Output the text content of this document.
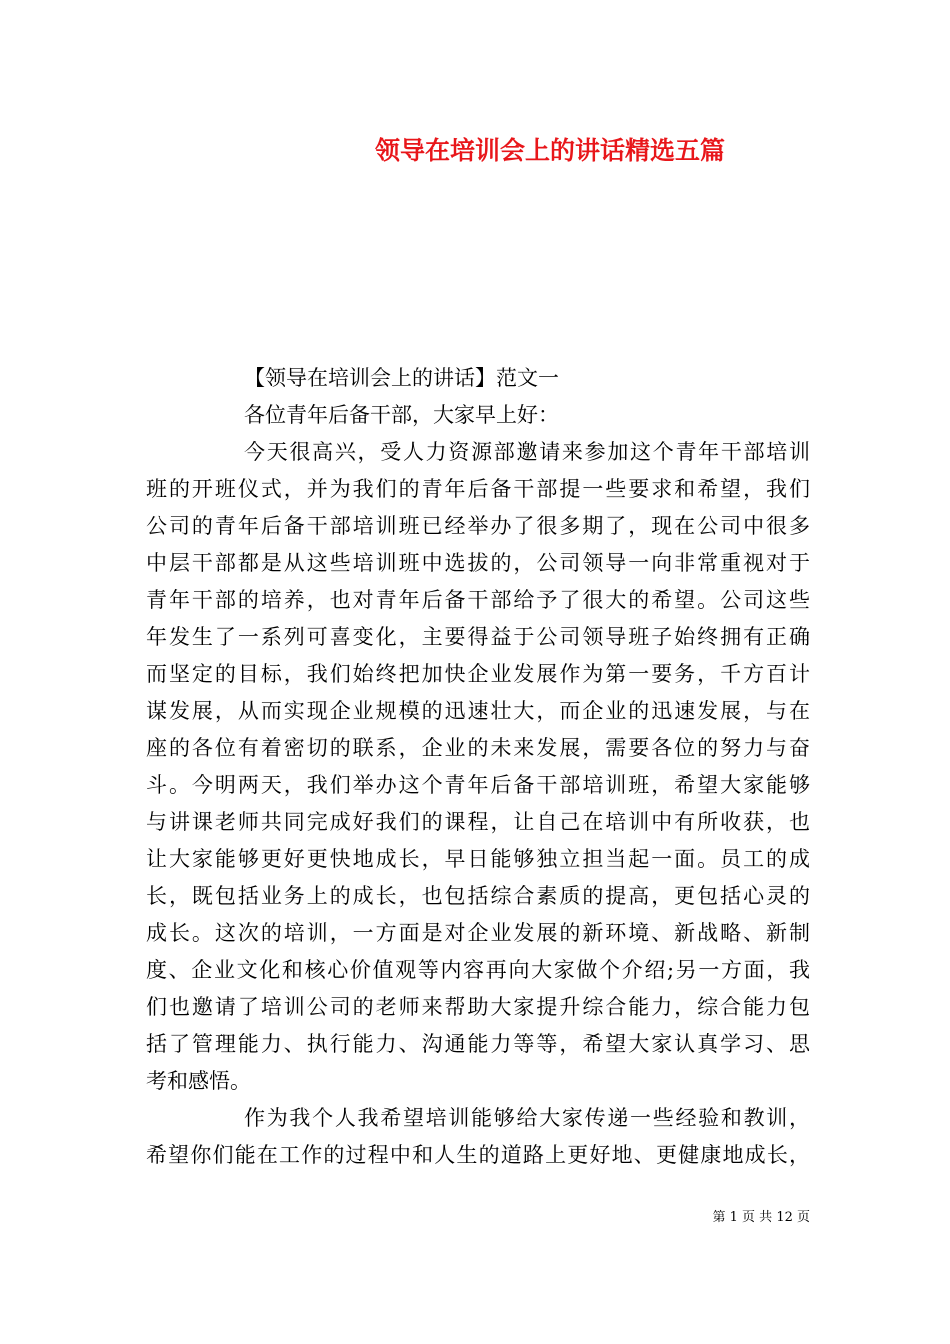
领导在培训会上的讲话精选五篇
【领导在培训会上的讲话】范文一
各位青年后备干部，大家早上好：
今天很高兴，受人力资源部邀请来参加这个青年干部培训
班的开班仪式，并为我们的青年后备干部提一些要求和希望，我们
公司的青年后备干部培训班已经举办了很多期了，现在公司中很多
中层干部都是从这些培训班中选拔的，公司领导一向非常重视对于
青年干部的培养，也对青年后备干部给予了很大的希望。公司这些
年发生了一系列可喜变化，主要得益于公司领导班子始终拥有正确
而坚定的目标，我们始终把加快企业发展作为第一要务，千方百计
谋发展，从而实现企业规模的迅速壮大，而企业的迅速发展，与在
座的各位有着密切的联系，企业的未来发展，需要各位的努力与奋
斗。今明两天，我们举办这个青年后备干部培训班，希望大家能够
与讲课老师共同完成好我们的课程，让自己在培训中有所收获，也
让大家能够更好更快地成长，早日能够独立担当起一面。员工的成
长，既包括业务上的成长，也包括综合素质的提高，更包括心灵的
成长。这次的培训，一方面是对企业发展的新环境、新战略、新制
度、企业文化和核心价值观等内容再向大家做个介绍;另一方面，我
们也邀请了培训公司的老师来帮助大家提升综合能力，综合能力包
括了管理能力、执行能力、沟通能力等等，希望大家认真学习、思
考和感悟。
作为我个人我希望培训能够给大家传递一些经验和教训，
希望你们能在工作的过程中和人生的道路上更好地、更健康地成长，
第 1 页 共 12 页
